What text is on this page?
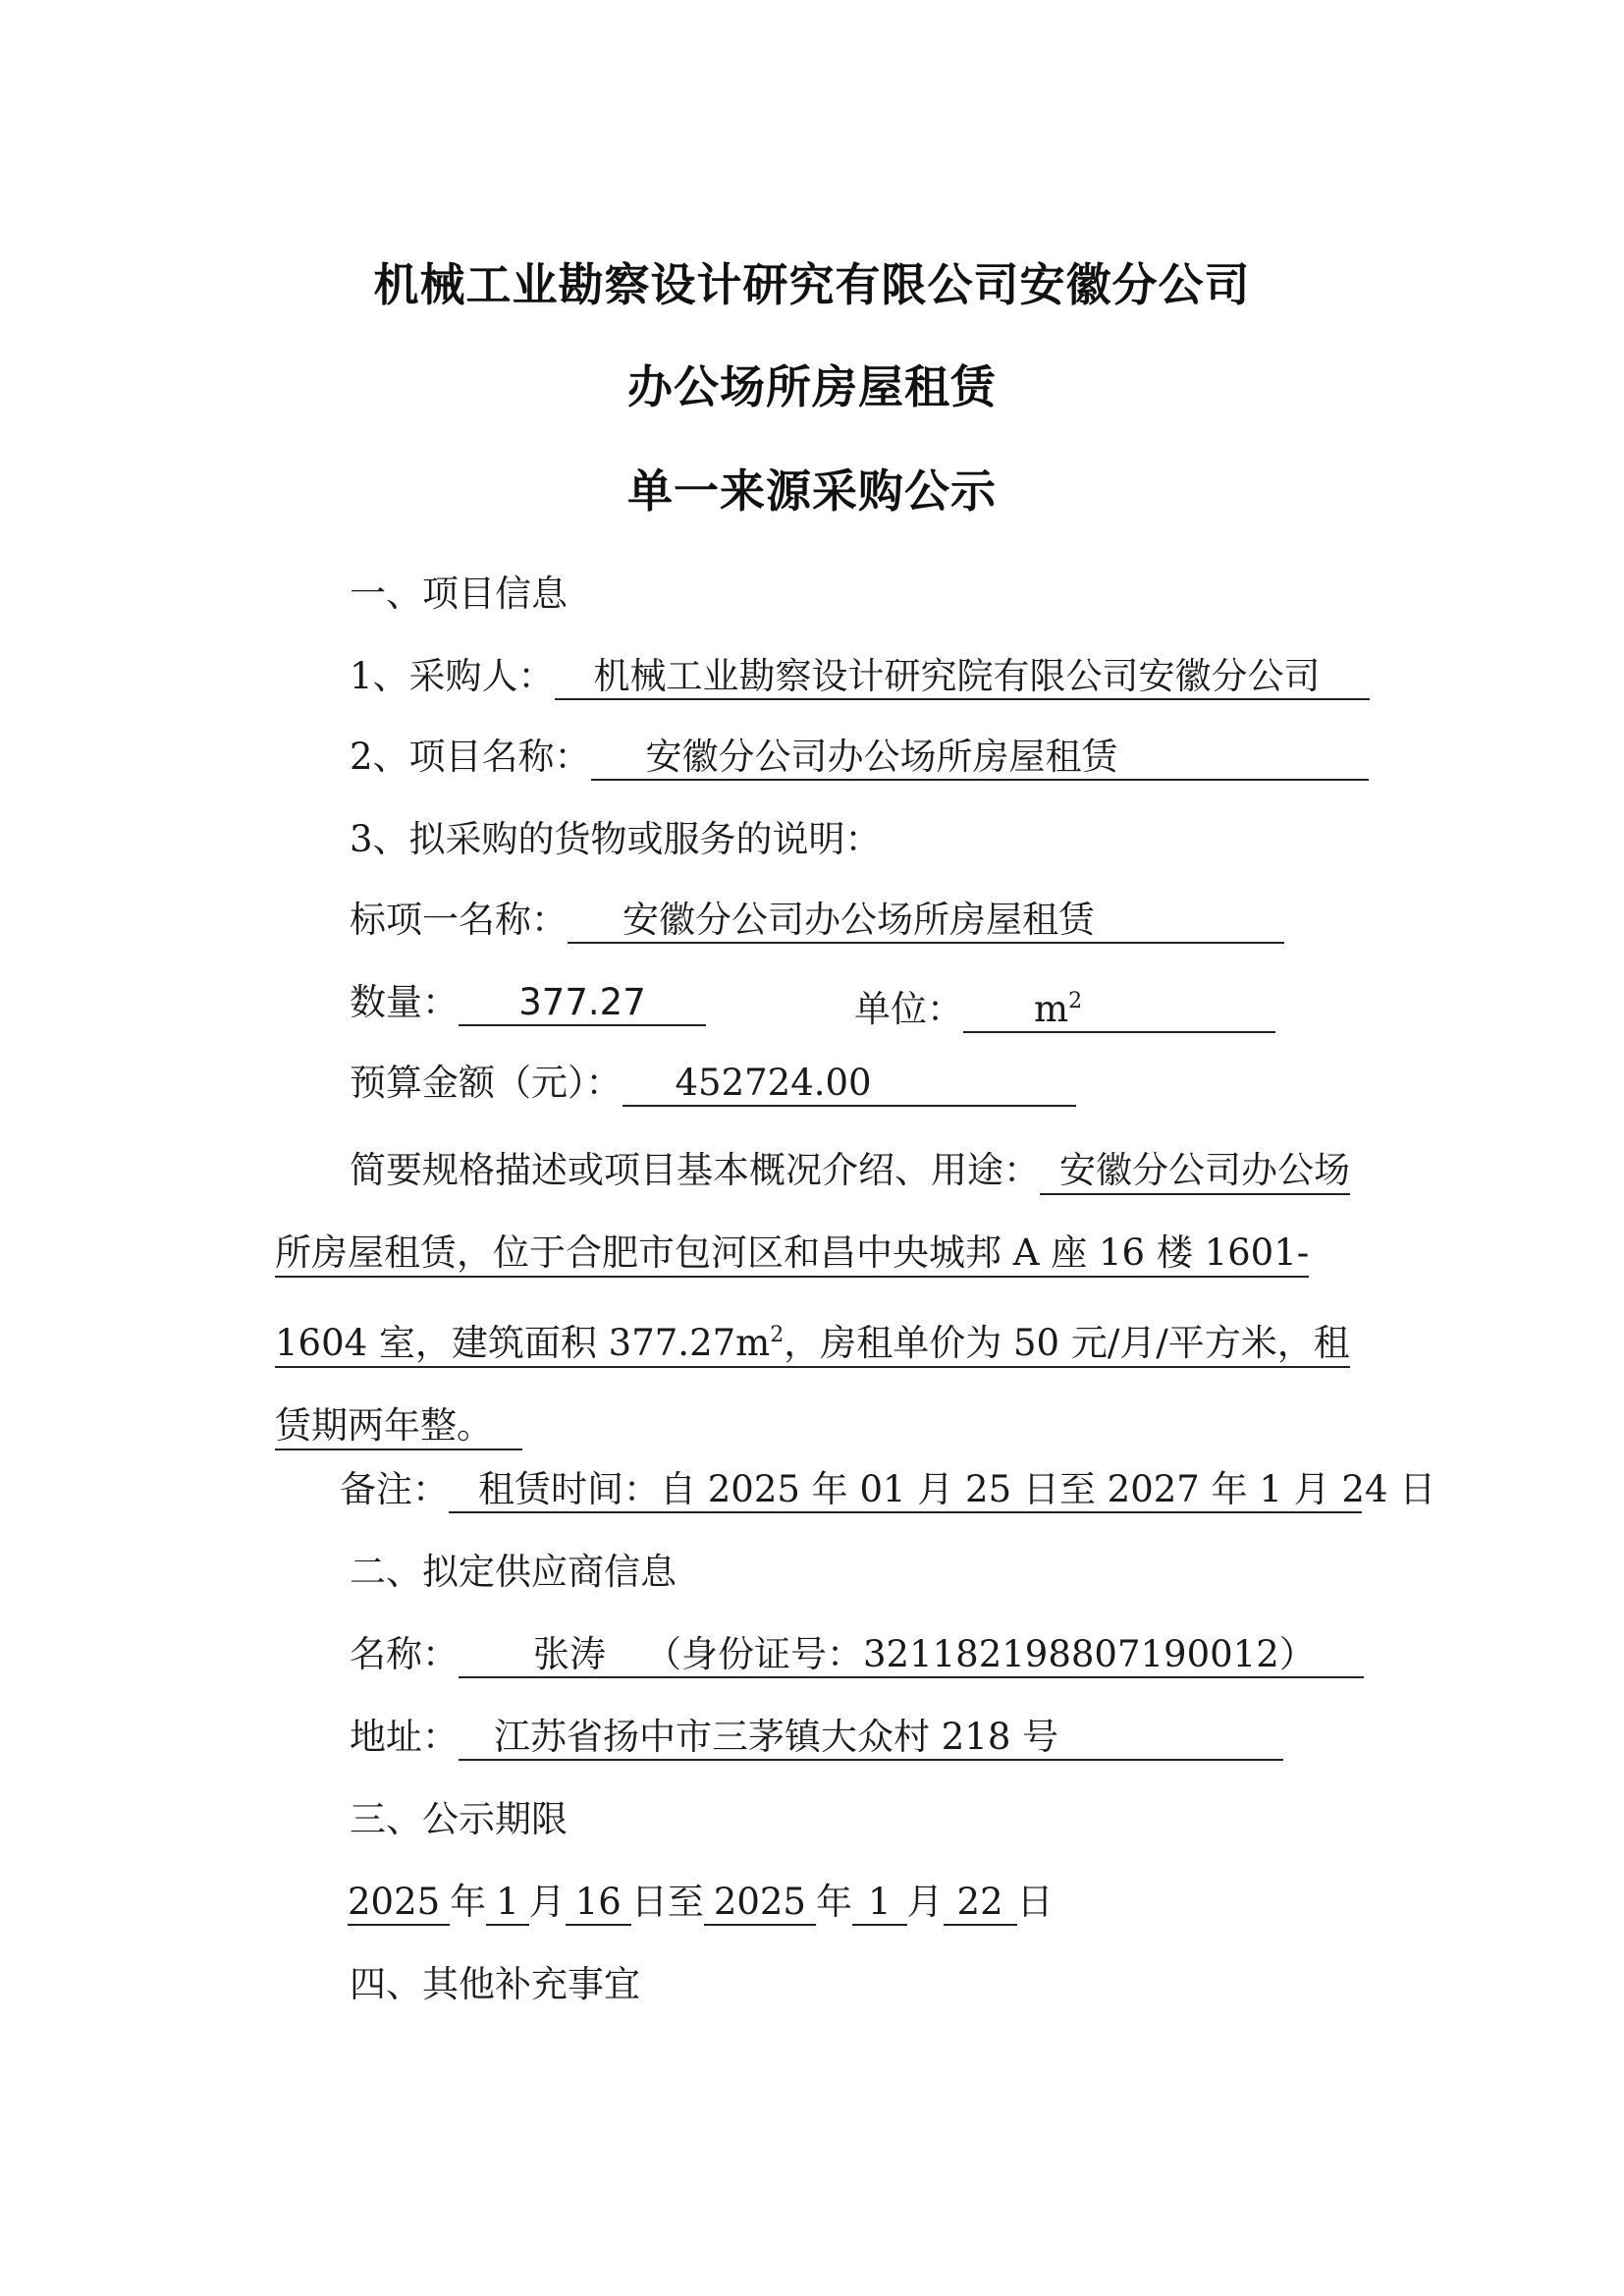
机械工业勘察设计研究有限公司安徽分公司
办公场所房屋租赁
单一来源采购公示
一、项目信息
1、采购人： 机械工业勘察设计研究院有限公司安徽分公司
2、项目名称： 安徽分公司办公场所房屋租赁
3、拟采购的货物或服务的说明：
标项一名称： 安徽分公司办公场所房屋租赁
数量： 377.27	单位： $m^2$
预算金额（元）： 452724.00
简要规格描述或项目基本概况介绍、用途： 安徽分公司办公场所房屋租赁，位于合肥市包河区和昌中央城邦 A 座 16 楼 1601-1604 室，建筑面积 $377.27m^2$，房租单价为 50 元/月/平方米，租赁期两年整。
备注： 租赁时间：自 2025 年 01 月 25 日至 2027 年 1 月 24 日
二、拟定供应商信息
名称： 张涛 （身份证号：321182198807190012）
地址： 江苏省扬中市三茅镇大众村 218 号
三、公示期限
2025 年 1 月 16 日至 2025 年 1 月 22 日
四、其他补充事宜
